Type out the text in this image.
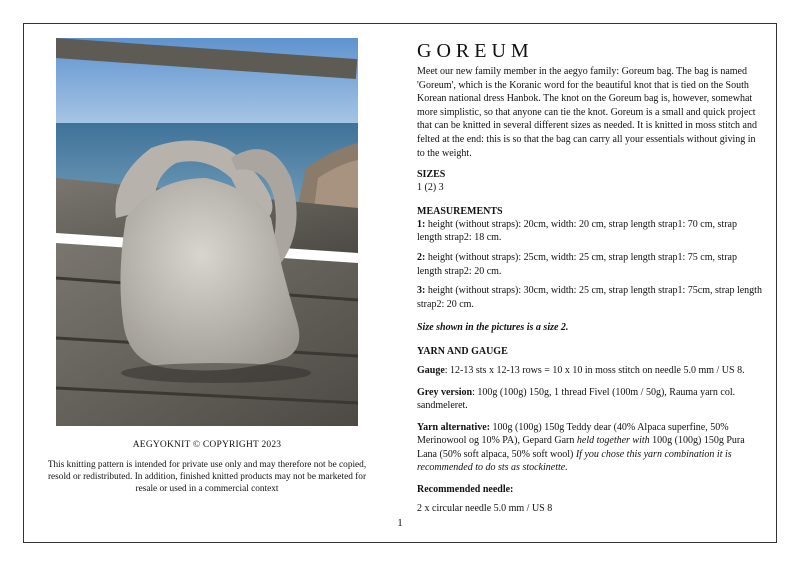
AEGYOKNIT © COPYRIGHT 2023
This knitting pattern is intended for private use only and may therefore not be copied, resold or redistributed. In addition, finished knitted products may not be marketed for resale or used in a commercial context
GOREUM

Meet our new family member in the aegyo family: Goreum bag. The bag is named 'Goreum', which is the Koranic word for the beautiful knot that is tied on the South Korean national dress Hanbok. The knot on the Goreum bag is, however, somewhat more simplistic, so that anyone can tie the knot. Goreum is a small and quick project that can be knitted in several different sizes as needed. It is knitted in moss stitch and felted at the end: this is so that the bag can carry all your essentials without giving in to the weight.

SIZES

1 (2) 3

MEASUREMENTS

1: height (without straps): 20cm, width: 20 cm, strap length strap1: 70 cm, strap length strap2: 18 cm.

2: height (without straps): 25cm, width: 25 cm, strap length strap1: 75 cm, strap length strap2: 20 cm.

3: height (without straps): 30cm, width: 25 cm, strap length strap1: 75cm, strap length strap2: 20 cm.

Size shown in the pictures is a size 2.

YARN AND GAUGE

Gauge: 12-13 sts x 12-13 rows = 10 x 10 in moss stitch on needle 5.0 mm / US 8.

Grey version: 100g (100g) 150g, 1 thread Fivel (100m / 50g), Rauma yarn col. sandmeleret.

Yarn alternative: 100g (100g) 150g Teddy dear (40% Alpaca superfine, 50% Merinowool og 10% PA), Gepard Garn held together with 100g (100g) 150g Pura Lana (50% soft alpaca, 50% soft wool) If you chose this yarn combination it is recommended to do sts as stockinette.

Recommended needle:

2 x circular needle 5.0 mm / US 8

1
